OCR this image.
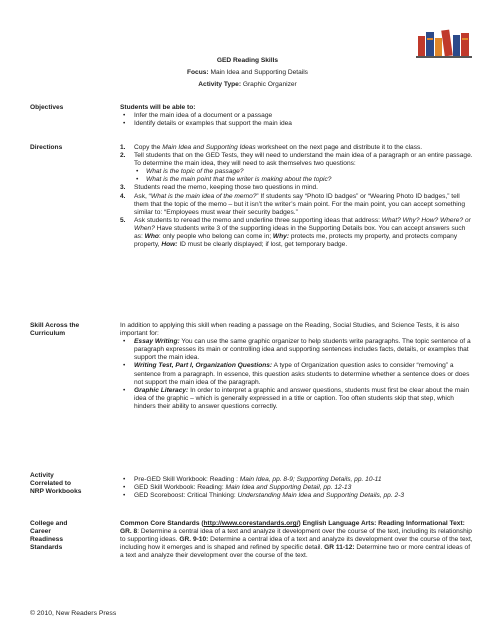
GED Reading Skills
Focus: Main Idea and Supporting Details
Activity Type: Graphic Organizer
Objectives	Students will be able to:
• Infer the main idea of a document or a passage
• Identify details or examples that support the main idea
Directions	1. Copy the Main Idea and Supporting Ideas worksheet on the next page and distribute it to the class.
2. Tell students that on the GED Tests, they will need to understand the main idea of a paragraph or an entire passage. To determine the main idea, they will need to ask themselves two questions:
• What is the topic of the passage?
• What is the main point that the writer is making about the topic?
3. Students read the memo, keeping those two questions in mind.
4. Ask, “What is the main idea of the memo?” If students say “Photo ID badges” or “Wearing Photo ID badges,” tell them that the topic of the memo – but it isn’t the writer’s main point. For the main point, you can accept something similar to: “Employees must wear their security badges.”
5. Ask students to reread the memo and underline three supporting ideas that address: What? Why? How? Where? or When? Have students write 3 of the supporting ideas in the Supporting Details box. You can accept answers such as: Who: only people who belong can come in; Why: protects me, protects my property, and protects company property, How: ID must be clearly displayed; if lost, get temporary badge.
Skill Across the
Curriculum
In addition to applying this skill when reading a passage on the Reading, Social Studies, and Science Tests, it is also important for:
• Essay Writing: You can use the same graphic organizer to help students write paragraphs. The topic sentence of a paragraph expresses its main or controlling idea and supporting sentences includes facts, details, or examples that support the main idea.
• Writing Test, Part I, Organization Questions: A type of Organization question asks to consider “removing” a sentence from a paragraph. In essence, this question asks students to determine whether a sentence does or does not support the main idea of the paragraph.
• Graphic Literacy: In order to interpret a graphic and answer questions, students must first be clear about the main idea of the graphic – which is generally expressed in a title or caption. Too often students skip that step, which hinders their ability to answer questions correctly.
Activity
Correlated to
NRP Workbooks
• Pre-GED Skill Workbook: Reading : Main Idea, pp. 8-9; Supporting Details, pp. 10-11
• GED Skill Workbook: Reading: Main Idea and Supporting Detail, pp. 12-13
• GED Scoreboost: Critical Thinking: Understanding Main Idea and Supporting Details, pp. 2-3
College and
Career
Readiness
Standards
Common Core Standards (http://www.corestandards.org/) English Language Arts: Reading Informational Text: GR. 8: Determine a central idea of a text and analyze it development over the course of the text, including its relationship to supporting ideas. GR. 9-10: Determine a central idea of a text and analyze its development over the course of the text, including how it emerges and is shaped and refined by specific detail. GR 11-12: Determine two or more central ideas of a text and analyze their development over the course of the text.
© 2010, New Readers Press
